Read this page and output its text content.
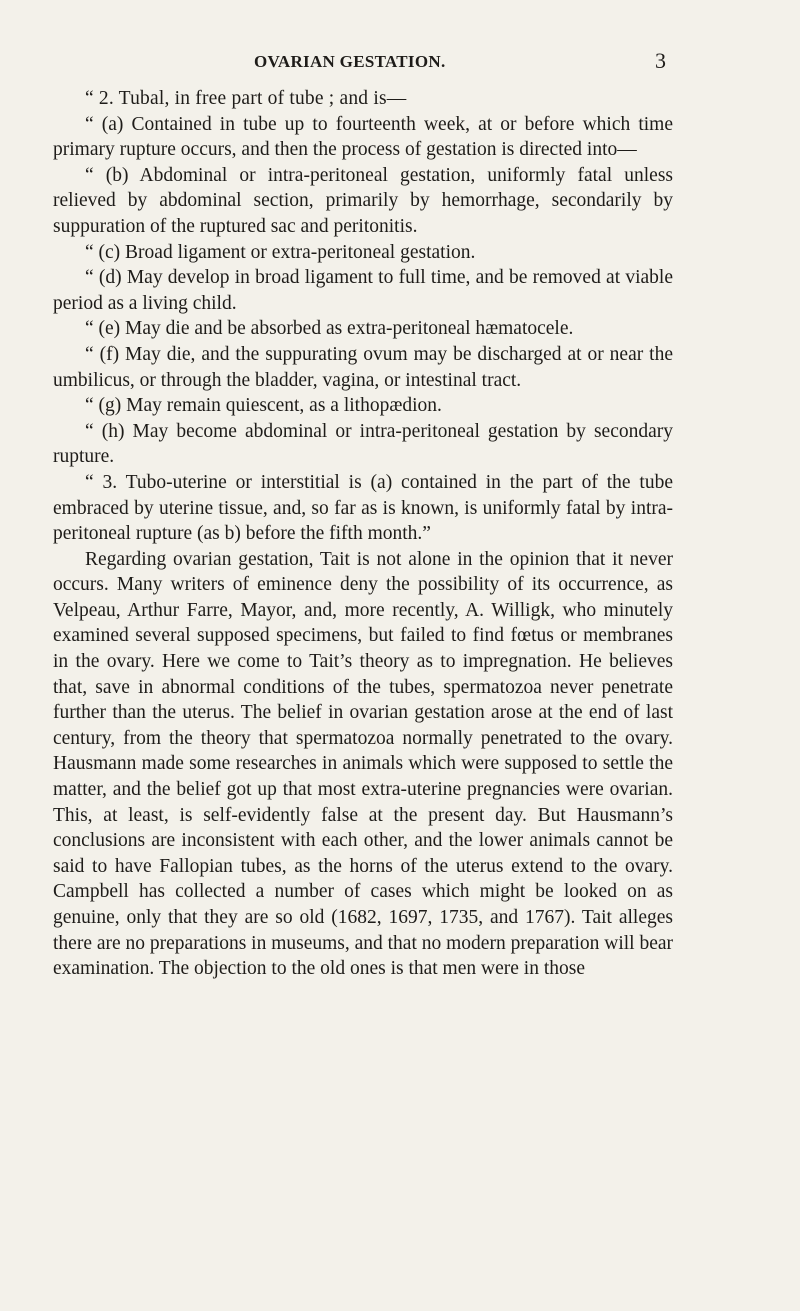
OVARIAN GESTATION.	3

“ 2. Tubal, in free part of tube ; and is—

“ (a) Contained in tube up to fourteenth week, at or before which time primary rupture occurs, and then the process of gestation is directed into—

“ (b) Abdominal or intra-peritoneal gestation, uniformly fatal unless relieved by abdominal section, primarily by hemorrhage, secondarily by suppuration of the ruptured sac and peritonitis.

“ (c) Broad ligament or extra-peritoneal gestation.

“ (d) May develop in broad ligament to full time, and be removed at viable period as a living child.

“ (e) May die and be absorbed as extra-peritoneal hæmatocele.

“ (f) May die, and the suppurating ovum may be discharged at or near the umbilicus, or through the bladder, vagina, or intestinal tract.

“ (g) May remain quiescent, as a lithopædion.

“ (h) May become abdominal or intra-peritoneal gestation by secondary rupture.

“ 3. Tubo-uterine or interstitial is (a) contained in the part of the tube embraced by uterine tissue, and, so far as is known, is uniformly fatal by intra-peritoneal rupture (as b) before the fifth month.”

Regarding ovarian gestation, Tait is not alone in the opinion that it never occurs. Many writers of eminence deny the possibility of its occurrence, as Velpeau, Arthur Farre, Mayor, and, more recently, A. Willigk, who minutely examined several supposed specimens, but failed to find fœtus or membranes in the ovary. Here we come to Tait’s theory as to impregnation. He believes that, save in abnormal conditions of the tubes, spermatozoa never penetrate further than the uterus. The belief in ovarian gestation arose at the end of last century, from the theory that spermatozoa normally penetrated to the ovary. Hausmann made some researches in animals which were supposed to settle the matter, and the belief got up that most extra-uterine pregnancies were ovarian. This, at least, is self-evidently false at the present day. But Hausmann’s conclusions are inconsistent with each other, and the lower animals cannot be said to have Fallopian tubes, as the horns of the uterus extend to the ovary. Campbell has collected a number of cases which might be looked on as genuine, only that they are so old (1682, 1697, 1735, and 1767). Tait alleges there are no preparations in museums, and that no modern preparation will bear examination. The objection to the old ones is that men were in those
